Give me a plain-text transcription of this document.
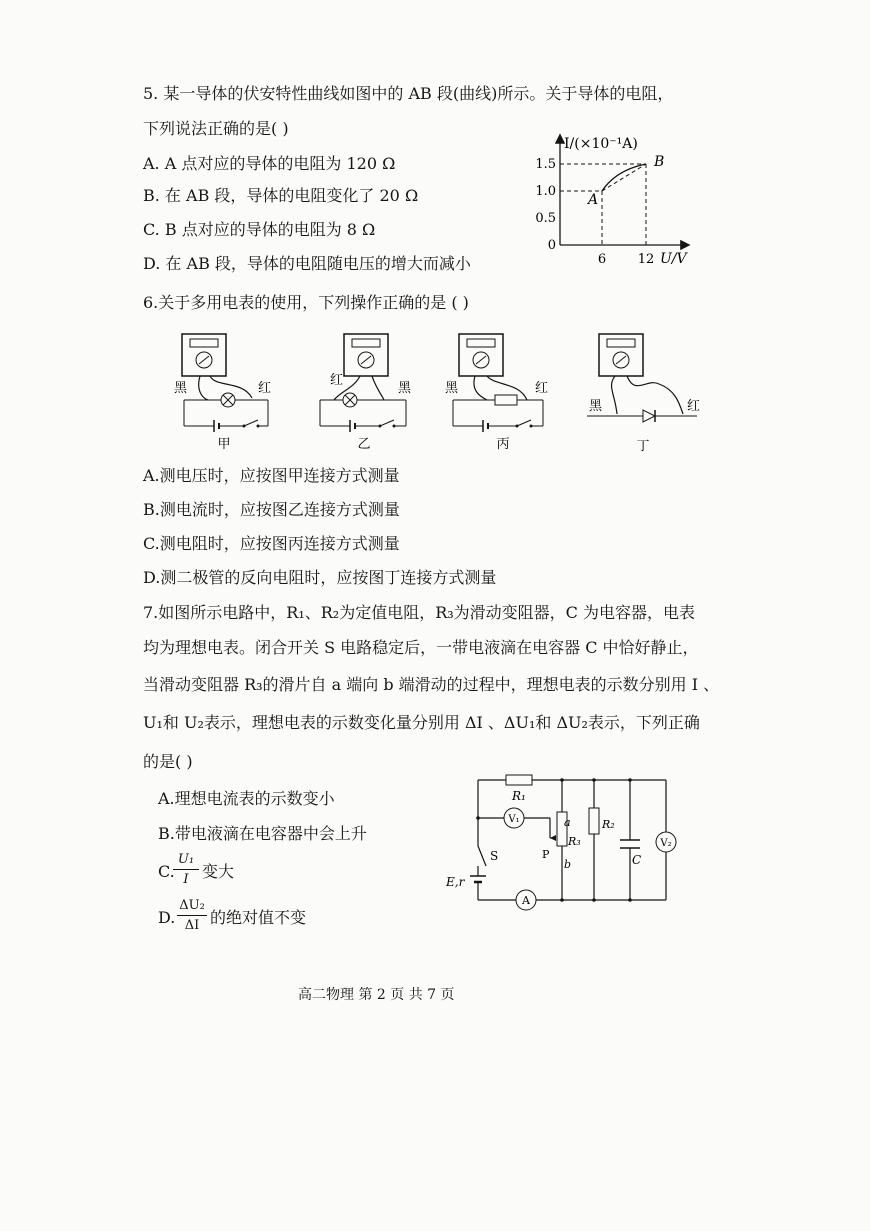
5. 某一导体的伏安特性曲线如图中的 AB 段(曲线)所示。关于导体的电阻，
下列说法正确的是( )
A. A 点对应的导体的电阻为 120 Ω
B. 在 AB 段，导体的电阻变化了 20 Ω
C. B 点对应的导体的电阻为 8 Ω
D. 在 AB 段，导体的电阻随电压的增大而减小
I/(×10⁻¹A)
1.5
1.0
0.5
0
6 12 U/V
A
B
6.关于多用电表的使用，下列操作正确的是 ( )
黑	红
甲
红
黑
乙
黑	红
丙
黑	红
丁
A.测电压时，应按图甲连接方式测量
B.测电流时，应按图乙连接方式测量
C.测电阻时，应按图丙连接方式测量
D.测二极管的反向电阻时，应按图丁连接方式测量
7.如图所示电路中，R₁、R₂为定值电阻，R₃为滑动变阻器，C 为电容器，电表
均为理想电表。闭合开关 S 电路稳定后，一带电液滴在电容器 C 中恰好静止，
当滑动变阻器 R₃的滑片自 a 端向 b 端滑动的过程中，理想电表的示数分别用 I 、
U₁和 U₂表示，理想电表的示数变化量分别用 ΔI 、ΔU₁和 ΔU₂表示，下列正确
的是( )
A.理想电流表的示数变小
B.带电液滴在电容器中会上升
C.
U₁
I 变大
D.
ΔU₂
ΔI 的绝对值不变
R₁
S
E,r
A
V₁	a
R₃
P
b
R₂
C
V₂
高二物理 第 2 页 共 7 页
